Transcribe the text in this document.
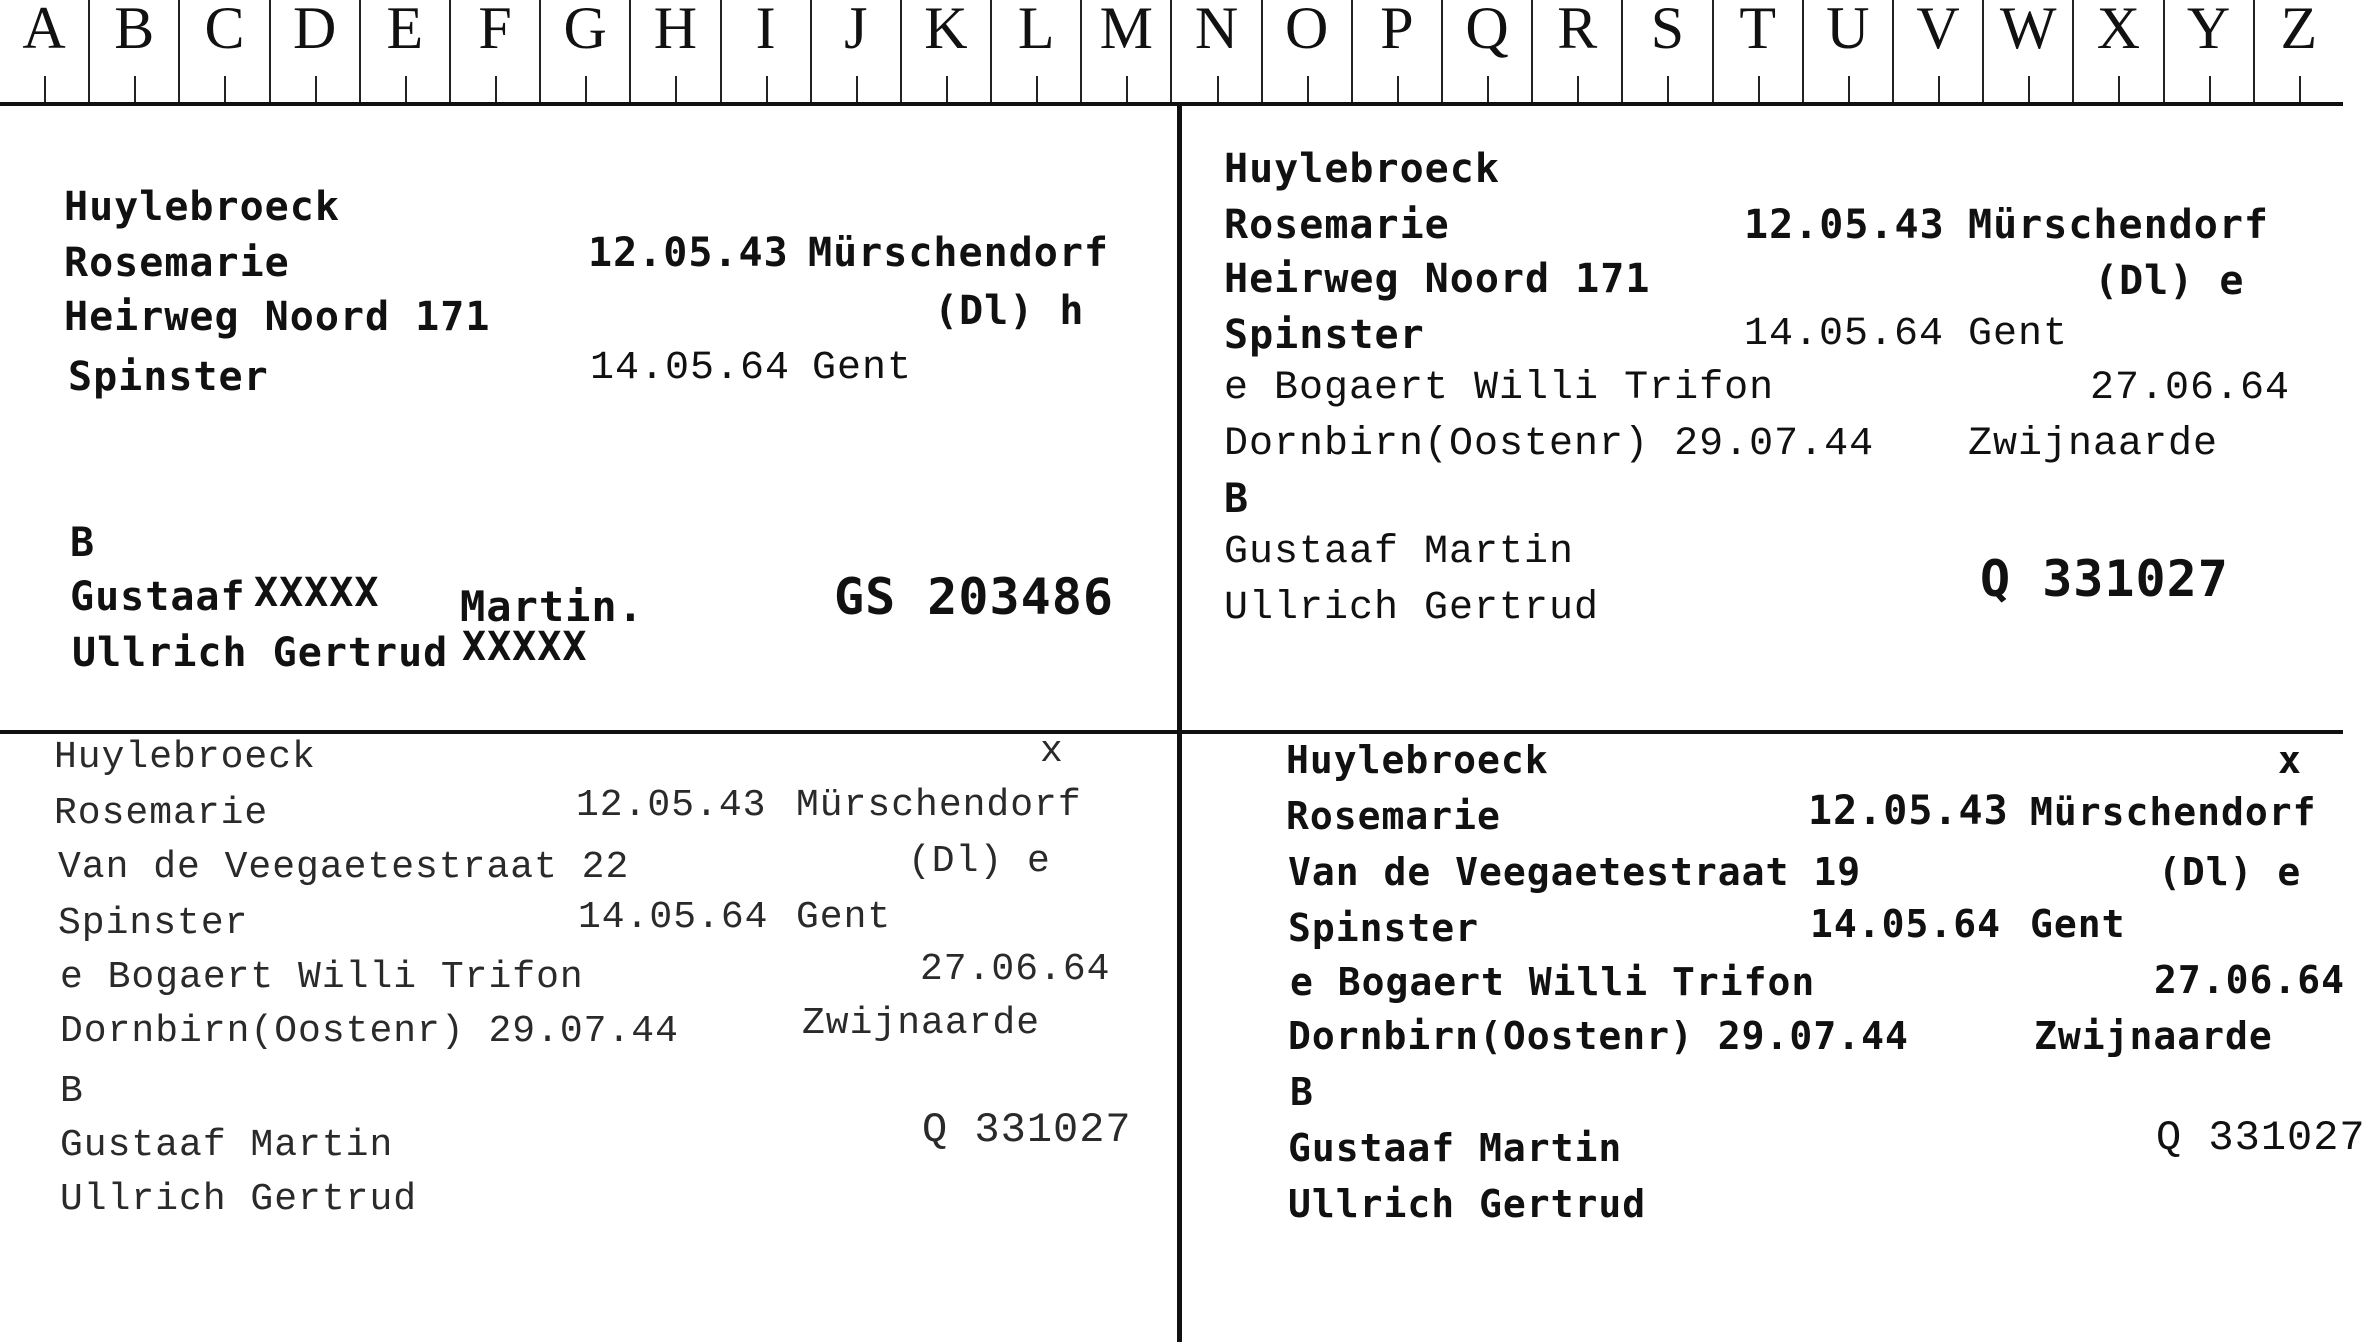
A B C D E F G H I	J K L M N O P Q R S T U V W X Y Z
Huylebroeck
Rosemarie	12.05.43 Mürschendorf
Heirweg Noord 171	(Dl) h
Spinster	14.05.64 Gent
B
Gustaaf XXXXX Martin.
Ullrich Gertrud XXXXX
GS 203486
Huylebroeck
Rosemarie	12.05.43 Mürschendorf
Heirweg Noord 171	(Dl) e
Spinster	14.05.64 Gent
e Bogaert Willi Trifon	27.06.64
Dornbirn(Oostenr) 29.07.44 Zwijnaarde
B
Gustaaf Martin
Ullrich Gertrud
Q 331027
x
Huylebroeck
Rosemarie	12.05.43 Mürschendorf
Van de Veegaetestraat 22	(Dl) e
Spinster	14.05.64 Gent
e Bogaert Willi Trifon	27.06.64
Dornbirn(Oostenr) 29.07.44	Zwijnaarde
B
Gustaaf Martin
Ullrich Gertrud
Q 331027
x
Huylebroeck
Rosemarie	12.05.43 Mürschendorf
Van de Veegaetestraat 19	(Dl) e
Spinster	14.05.64 Gent
e Bogaert Willi Trifon	27.06.64
Dornbirn(Oostenr) 29.07.44	Zwijnaarde
B
Gustaaf Martin
Ullrich Gertrud
Q 331027
